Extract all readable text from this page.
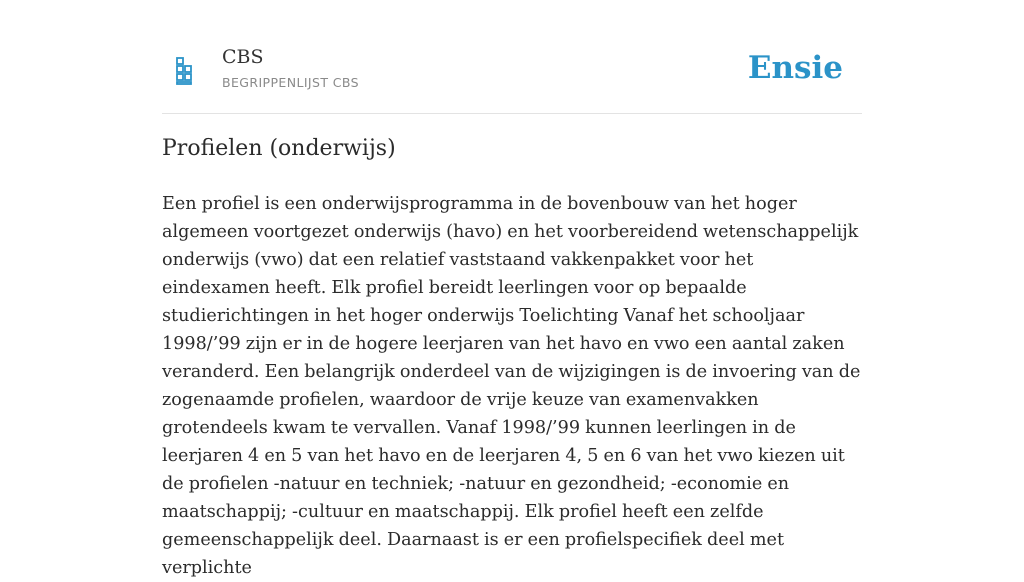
CBS
BEGRIPPENLIJST CBS	Ensie
Profielen (onderwijs)

Een profiel is een onderwijsprogramma in de bovenbouw van het hoger algemeen voortgezet onderwijs (havo) en het voorbereidend wetenschappelijk onderwijs (vwo) dat een relatief vaststaand vakkenpakket voor het eindexamen heeft. Elk profiel bereidt leerlingen voor op bepaalde studierichtingen in het hoger onderwijs Toelichting Vanaf het schooljaar 1998/’99 zijn er in de hogere leerjaren van het havo en vwo een aantal zaken veranderd. Een belangrijk onderdeel van de wijzigingen is de invoering van de zogenaamde profielen, waardoor de vrije keuze van examenvakken grotendeels kwam te vervallen. Vanaf 1998/’99 kunnen leerlingen in de leerjaren 4 en 5 van het havo en de leerjaren 4, 5 en 6 van het vwo kiezen uit de profielen -natuur en techniek; -natuur en gezondheid; -economie en maatschappij; -cultuur en maatschappij. Elk profiel heeft een zelfde gemeenschappelijk deel. Daarnaast is er een profielspecifiek deel met verplichte
